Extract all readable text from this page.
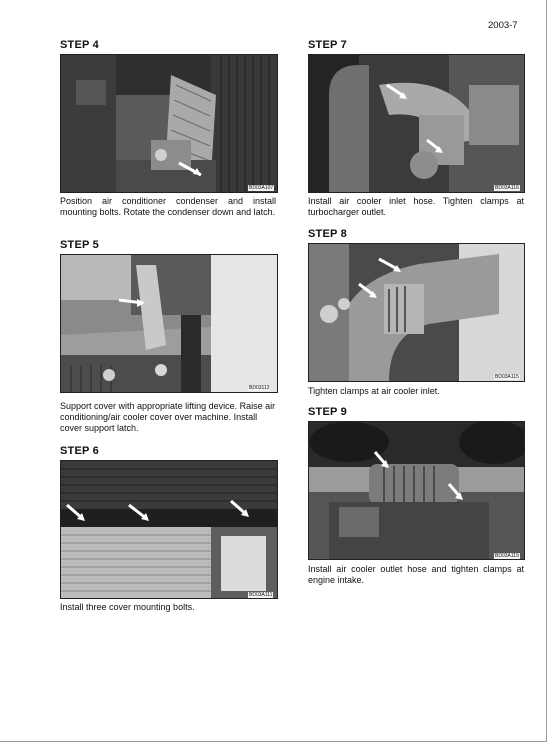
2003-7
STEP 4
BD03A107
Position air conditioner condenser and install mounting bolts. Rotate the condenser down and latch.
STEP 5
BD03112
Support cover with appropriate lifting device. Raise air conditioning/air cooler cover over machine. Install cover support latch.
STEP 6
BD03A111
Install three cover mounting bolts.
STEP 7
BD03A116
Install air cooler inlet hose. Tighten clamps at turbocharger outlet.
STEP 8
BD03A115
Tighten clamps at air cooler inlet.
STEP 9
BD03A119
Install air cooler outlet hose and tighten clamps at engine intake.
